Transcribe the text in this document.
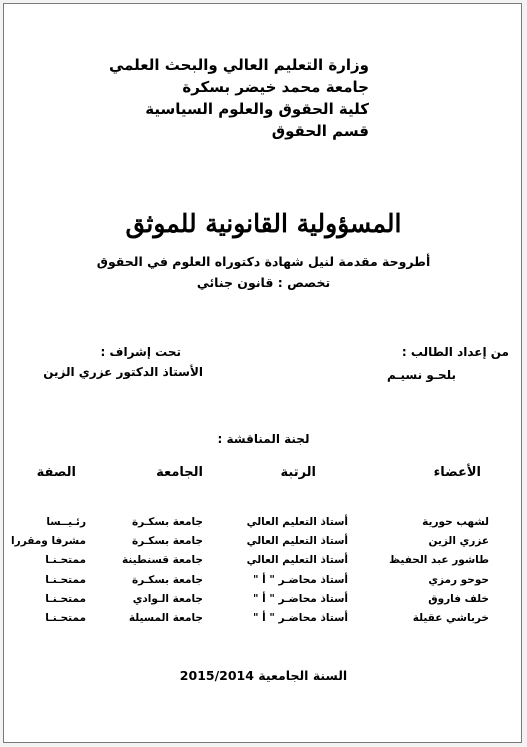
وزارة التعليم العالي والبحث العلمي
جامعة محمد خيضر بسكرة
كلية الحقوق والعلوم السياسية
قسم الحقوق
المسؤولية القانونية للموثق
أطروحة مقدمة لنيل شهادة دكتوراه العلوم في الحقوق
تخصص : قانون جنائي
من إعداد الطالب :
بلحـو نسيـم
تحت إشراف :
الأستاذ الدكتور عزري الزين
لجنة المناقشة :
الأعضاء
الرتبة
الجامعة
الصفة
لشهب حورية
أستاذ التعليم العالي
جامعة بسكـرة
رئـيــسا
عزري الزين
أستاذ التعليم العالي
جامعة بسكـرة
مشرفا ومقررا
طاشور عبد الحفيظ
أستاذ التعليم العالي
جامعة قسنطينة
ممتحـنـا
حوحو رمزي
أستاذ محاضـر " أ "
جامعة بسكـرة
ممتحـنـا
خلف فاروق
أستاذ محاضـر " أ "
جامعة الـوادي
ممتحـنـا
خرباشي عقيلة
أستاذ محاضـر " أ "
جامعة المسيلة
ممتحـنـا
السنة الجامعية 2015/2014
